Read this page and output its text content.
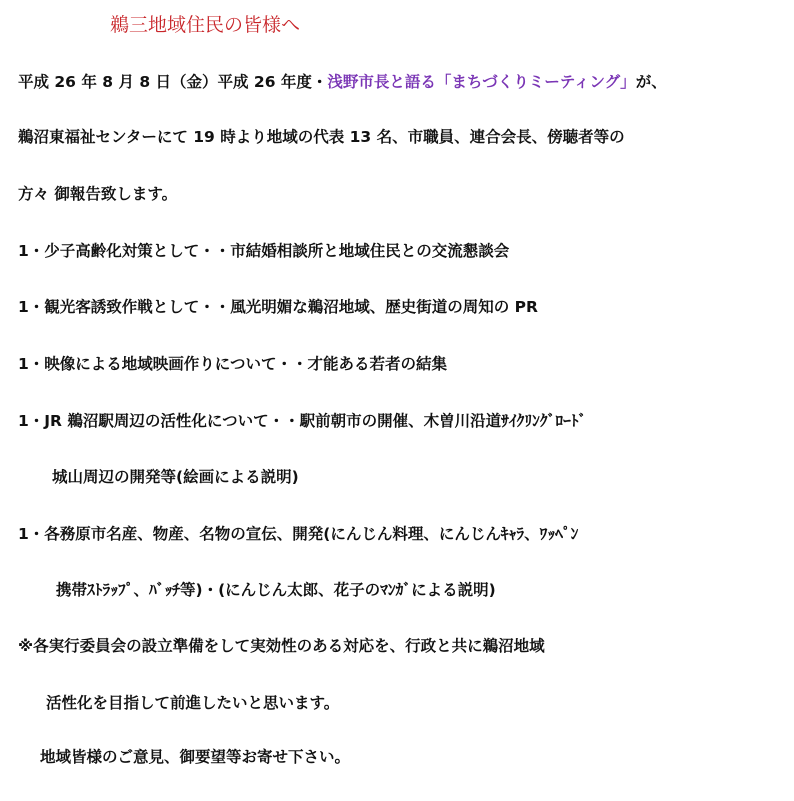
鵜三地域住民の皆様へ
平成 26 年 8 月 8 日（金）平成 26 年度・浅野市長と語る「まちづくりミーティング」が、
鵜沼東福祉センターにて 19 時より地域の代表 13 名、市職員、連合会長、傍聴者等の
方々 御報告致します。
1・少子高齢化対策として・・市結婚相談所と地域住民との交流懇談会
1・観光客誘致作戦として・・風光明媚な鵜沼地域、歴史街道の周知の PR
1・映像による地域映画作りについて・・才能ある若者の結集
1・JR 鵜沼駅周辺の活性化について・・駅前朝市の開催、木曽川沿道ｻｲｸﾘﾝｸﾞﾛｰﾄﾞ
城山周辺の開発等(絵画による説明)
1・各務原市名産、物産、名物の宣伝、開発(にんじん料理、にんじんｷｬﾗ、ﾜｯﾍﾟﾝ
携帯ｽﾄﾗｯﾌﾟ、ﾊﾞｯﾁ等)・(にんじん太郎、花子のﾏﾝｶﾞによる説明)
※各実行委員会の設立準備をして実効性のある対応を、行政と共に鵜沼地域
活性化を目指して前進したいと思います。
地域皆様のご意見、御要望等お寄せ下さい。
